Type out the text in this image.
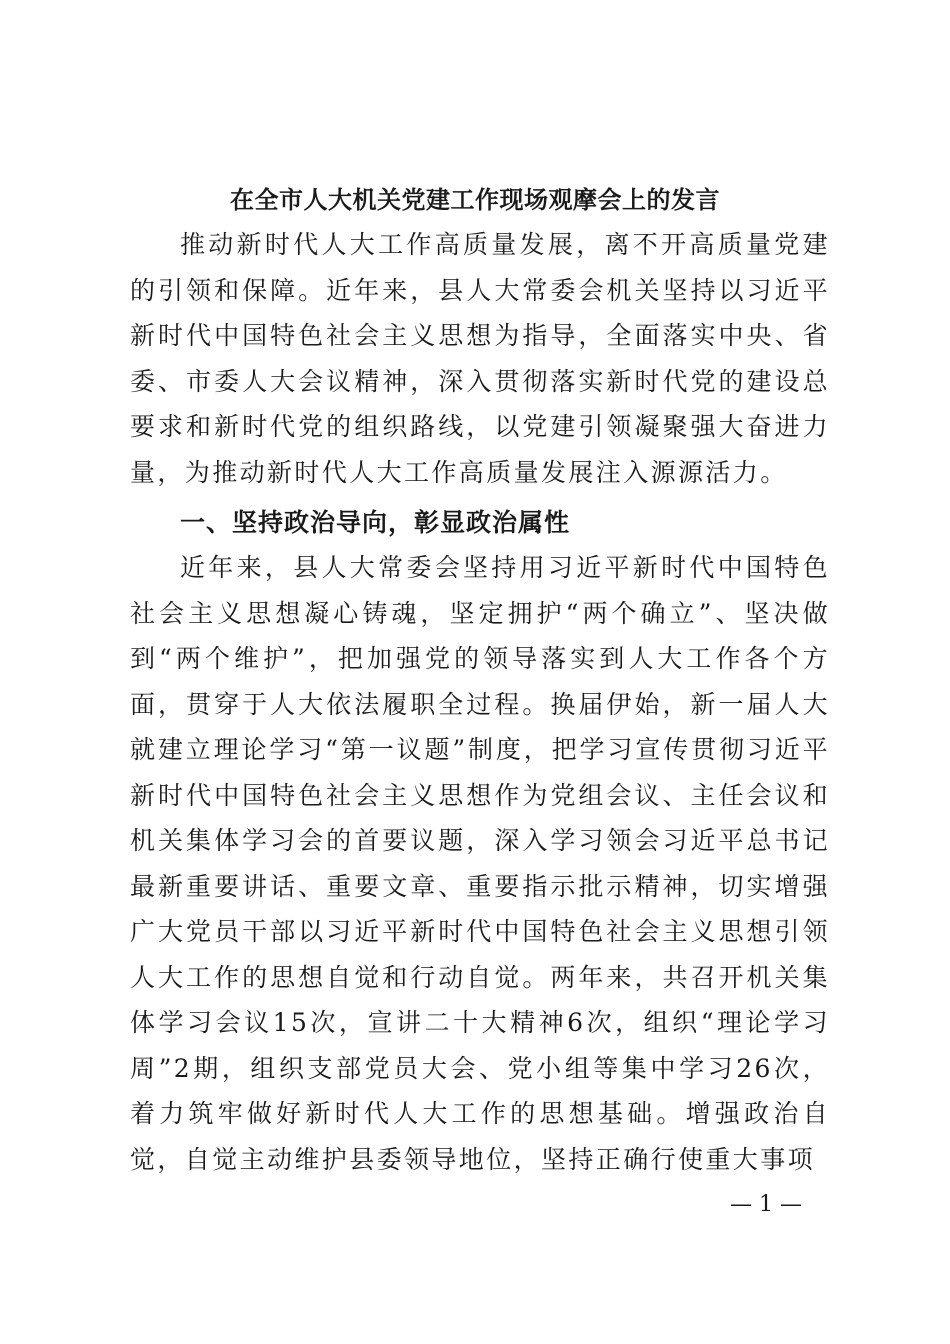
在全市人大机关党建工作现场观摩会上的发言

推动新时代人大工作高质量发展，离不开高质量党建的引领和保障。近年来，县人大常委会机关坚持以习近平新时代中国特色社会主义思想为指导，全面落实中央、省委、市委人大会议精神，深入贯彻落实新时代党的建设总要求和新时代党的组织路线，以党建引领凝聚强大奋进力量，为推动新时代人大工作高质量发展注入源源活力。

一、坚持政治导向，彰显政治属性

近年来，县人大常委会坚持用习近平新时代中国特色社会主义思想凝心铸魂，坚定拥护“两个确立”、坚决做到“两个维护”，把加强党的领导落实到人大工作各个方面，贯穿于人大依法履职全过程。换届伊始，新一届人大就建立理论学习“第一议题”制度，把学习宣传贯彻习近平新时代中国特色社会主义思想作为党组会议、主任会议和机关集体学习会的首要议题，深入学习领会习近平总书记最新重要讲话、重要文章、重要指示批示精神，切实增强广大党员干部以习近平新时代中国特色社会主义思想引领人大工作的思想自觉和行动自觉。两年来，共召开机关集体学习会议15次，宣讲二十大精神6次，组织“理论学习周”2期，组织支部党员大会、党小组等集中学习26次，着力筑牢做好新时代人大工作的思想基础。增强政治自觉，自觉主动维护县委领导地位，坚持正确行使重大事项

— 1 —
